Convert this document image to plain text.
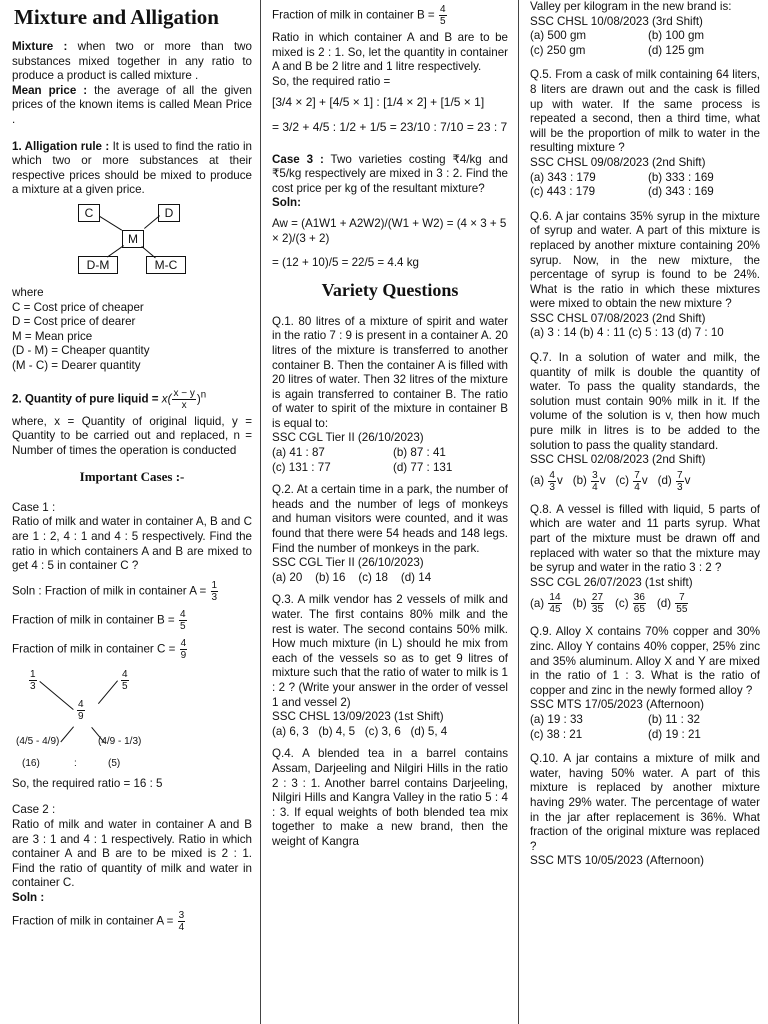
Mixture and Alligation

Mixture : when two or more than two substances mixed together in any ratio to produce a product is called mixture .

Mean price : the average of all the given prices of the known items is called Mean Price .

1. Alligation rule : It is used to find the ratio in which two or more substances at their respective prices should be mixed to produce a mixture at a given price.

C	D
M
D-M	M-C
where
C = Cost price of cheaper
D = Cost price of dearer
M = Mean price
(D - M) = Cheaper quantity
(M - C) = Dearer quantity

2. Quantity of pure liquid = $x( \frac{x - y}{x} )^n$

where, x = Quantity of original liquid, y = Quantity to be carried out and replaced, n = Number of times the operation is conducted

Important Cases :-
Case 1 :

Ratio of milk and water in container A, B and C are 1 : 2, 4 : 1 and 4 : 5 respectively. Find the ratio in which containers A and B are mixed to get 4 : 5 in container C ?

Soln : Fraction of milk in container $A = \frac{1}{3}$
Fraction of milk in container $B = \frac{4}{5}$
Fraction of milk in container $C = \frac{4}{9}$
$\frac{1}{3}$	$\frac{4}{5}$
$\frac{4}{9}$
(4/5 - 4/9)	(4/9 - 1/3)
(16)	:	(5)
So, the required ratio = 16 : 5
Case 2 :

Ratio of milk and water in container A and B are 3 : 1 and 4 : 1 respectively. Ratio in which container A and B are to be mixed is 2 : 1. Find the ratio of quantity of milk and water in container C.

Soln :
Fraction of milk in container $A = \frac{3}{4}$
Fraction of milk in container $B = \frac{4}{5}$

Ratio in which container A and B are to be mixed is 2 : 1. So, let the quantity in container A and B be 2 litre and 1 litre respectively.

So, the required ratio =
[3/4 × 2] + [4/5 × 1] : [1/4 × 2] + [1/5 × 1]
= 3/2 + 4/5 : 1/2 + 1/5 = 23/10 : 7/10 = 23 : 7

Case 3 : Two varieties costing ₹4/kg and ₹5/kg respectively are mixed in 3 : 2. Find the cost price per kg of the resultant mixture?

Soln:
Aw = (A1W1 + A2W2)/(W1 + W2) = (4 × 3 + 5 × 2)/(3 + 2)
= (12 + 10)/5 = 22/5 = 4.4 kg
Variety Questions

Q.1. 80 litres of a mixture of spirit and water in the ratio 7 : 9 is present in a container A. 20 litres of the mixture is transferred to another container B. Then the container A is filled with 20 litres of water. Then 32 litres of the mixture is again transferred to container B. The ratio of water to spirit of the mixture in container B is equal to:

SSC CGL Tier II (26/10/2023)
(a) 41 : 87	(b) 87 : 41
(c) 131 : 77	(d) 77 : 131

Q.2. At a certain time in a park, the number of heads and the number of legs of monkeys and human visitors were counted, and it was found that there were 54 heads and 148 legs. Find the number of monkeys in the park.

SSC CGL Tier II (26/10/2023)
(a) 20    (b) 16    (c) 18    (d) 14

Q.3. A milk vendor has 2 vessels of milk and water. The first contains 80% milk and the rest is water. The second contains 50% milk. How much mixture (in L) should he mix from each of the vessels so as to get 9 litres of mixture such that the ratio of water to milk is 1 : 2 ? (Write your answer in the order of vessel 1 and vessel 2)

SSC CHSL 13/09/2023 (1st Shift)
(a) 6, 3   (b) 4, 5   (c) 3, 6   (d) 5, 4

Q.4. A blended tea in a barrel contains Assam, Darjeeling and Nilgiri Hills in the ratio 2 : 3 : 1. Another barrel contains Darjeeling, Nilgiri Hills and Kangra Valley in the ratio 5 : 4 : 3. If equal weights of both blended tea mix together to make a new brand, then the weight of Kangra

Valley per kilogram in the new brand is:
SSC CHSL 10/08/2023 (3rd Shift)
(a) 500 gm	(b) 100 gm
(c) 250 gm	(d) 125 gm

Q.5. From a cask of milk containing 64 liters, 8 liters are drawn out and the cask is filled up with water. If the same process is repeated a second, then a third time, what will be the proportion of milk to water in the resulting mixture ?

SSC CHSL 09/08/2023 (2nd Shift)
(a) 343 : 179	(b) 333 : 169
(c) 443 : 179	(d) 343 : 169

Q.6. A jar contains 35% syrup in the mixture of syrup and water. A part of this mixture is replaced by another mixture containing 20% syrup. Now, in the new mixture, the percentage of syrup is found to be 24%. What is the ratio in which these mixtures were mixed to obtain the new mixture ?

SSC CHSL 07/08/2023 (2nd Shift)
(a) 3 : 14 (b) 4 : 11 (c) 5 : 13 (d) 7 : 10

Q.7. In a solution of water and milk, the quantity of milk is double the quantity of water. To pass the quality standards, the solution must contain 90% milk in it. If the volume of the solution is v, then how much pure milk in litres is to be added to the solution to pass the quality standard.

SSC CHSL 02/08/2023 (2nd Shift)
$(a) \frac{4}{3}$ v $(b) \frac{3}{4}$ v $(c) \frac{7}{4}$ v $(d) \frac{7}{3}$ v

Q.8. A vessel is filled with liquid, 5 parts of which are water and 11 parts syrup. What part of the mixture must be drawn off and replaced with water so that the mixture may be syrup and water in the ratio 3 : 2 ?

SSC CGL 26/07/2023 (1st shift)
$(a) \frac{14}{45} (b) \frac{27}{35} (c) \frac{36}{65} (d) \frac{7}{55}$

Q.9. Alloy X contains 70% copper and 30% zinc. Alloy Y contains 40% copper, 25% zinc and 35% aluminum. Alloy X and Y are mixed in the ratio of 1 : 3. What is the ratio of copper and zinc in the newly formed alloy ?

SSC MTS 17/05/2023 (Afternoon)
(a) 19 : 33	(b) 11 : 32
(c) 38 : 21	(d) 19 : 21

Q.10. A jar contains a mixture of milk and water, having 50% water. A part of this mixture is replaced by another mixture having 29% water. The percentage of water in the jar after replacement is 36%. What fraction of the original mixture was replaced ?

SSC MTS 10/05/2023 (Afternoon)
